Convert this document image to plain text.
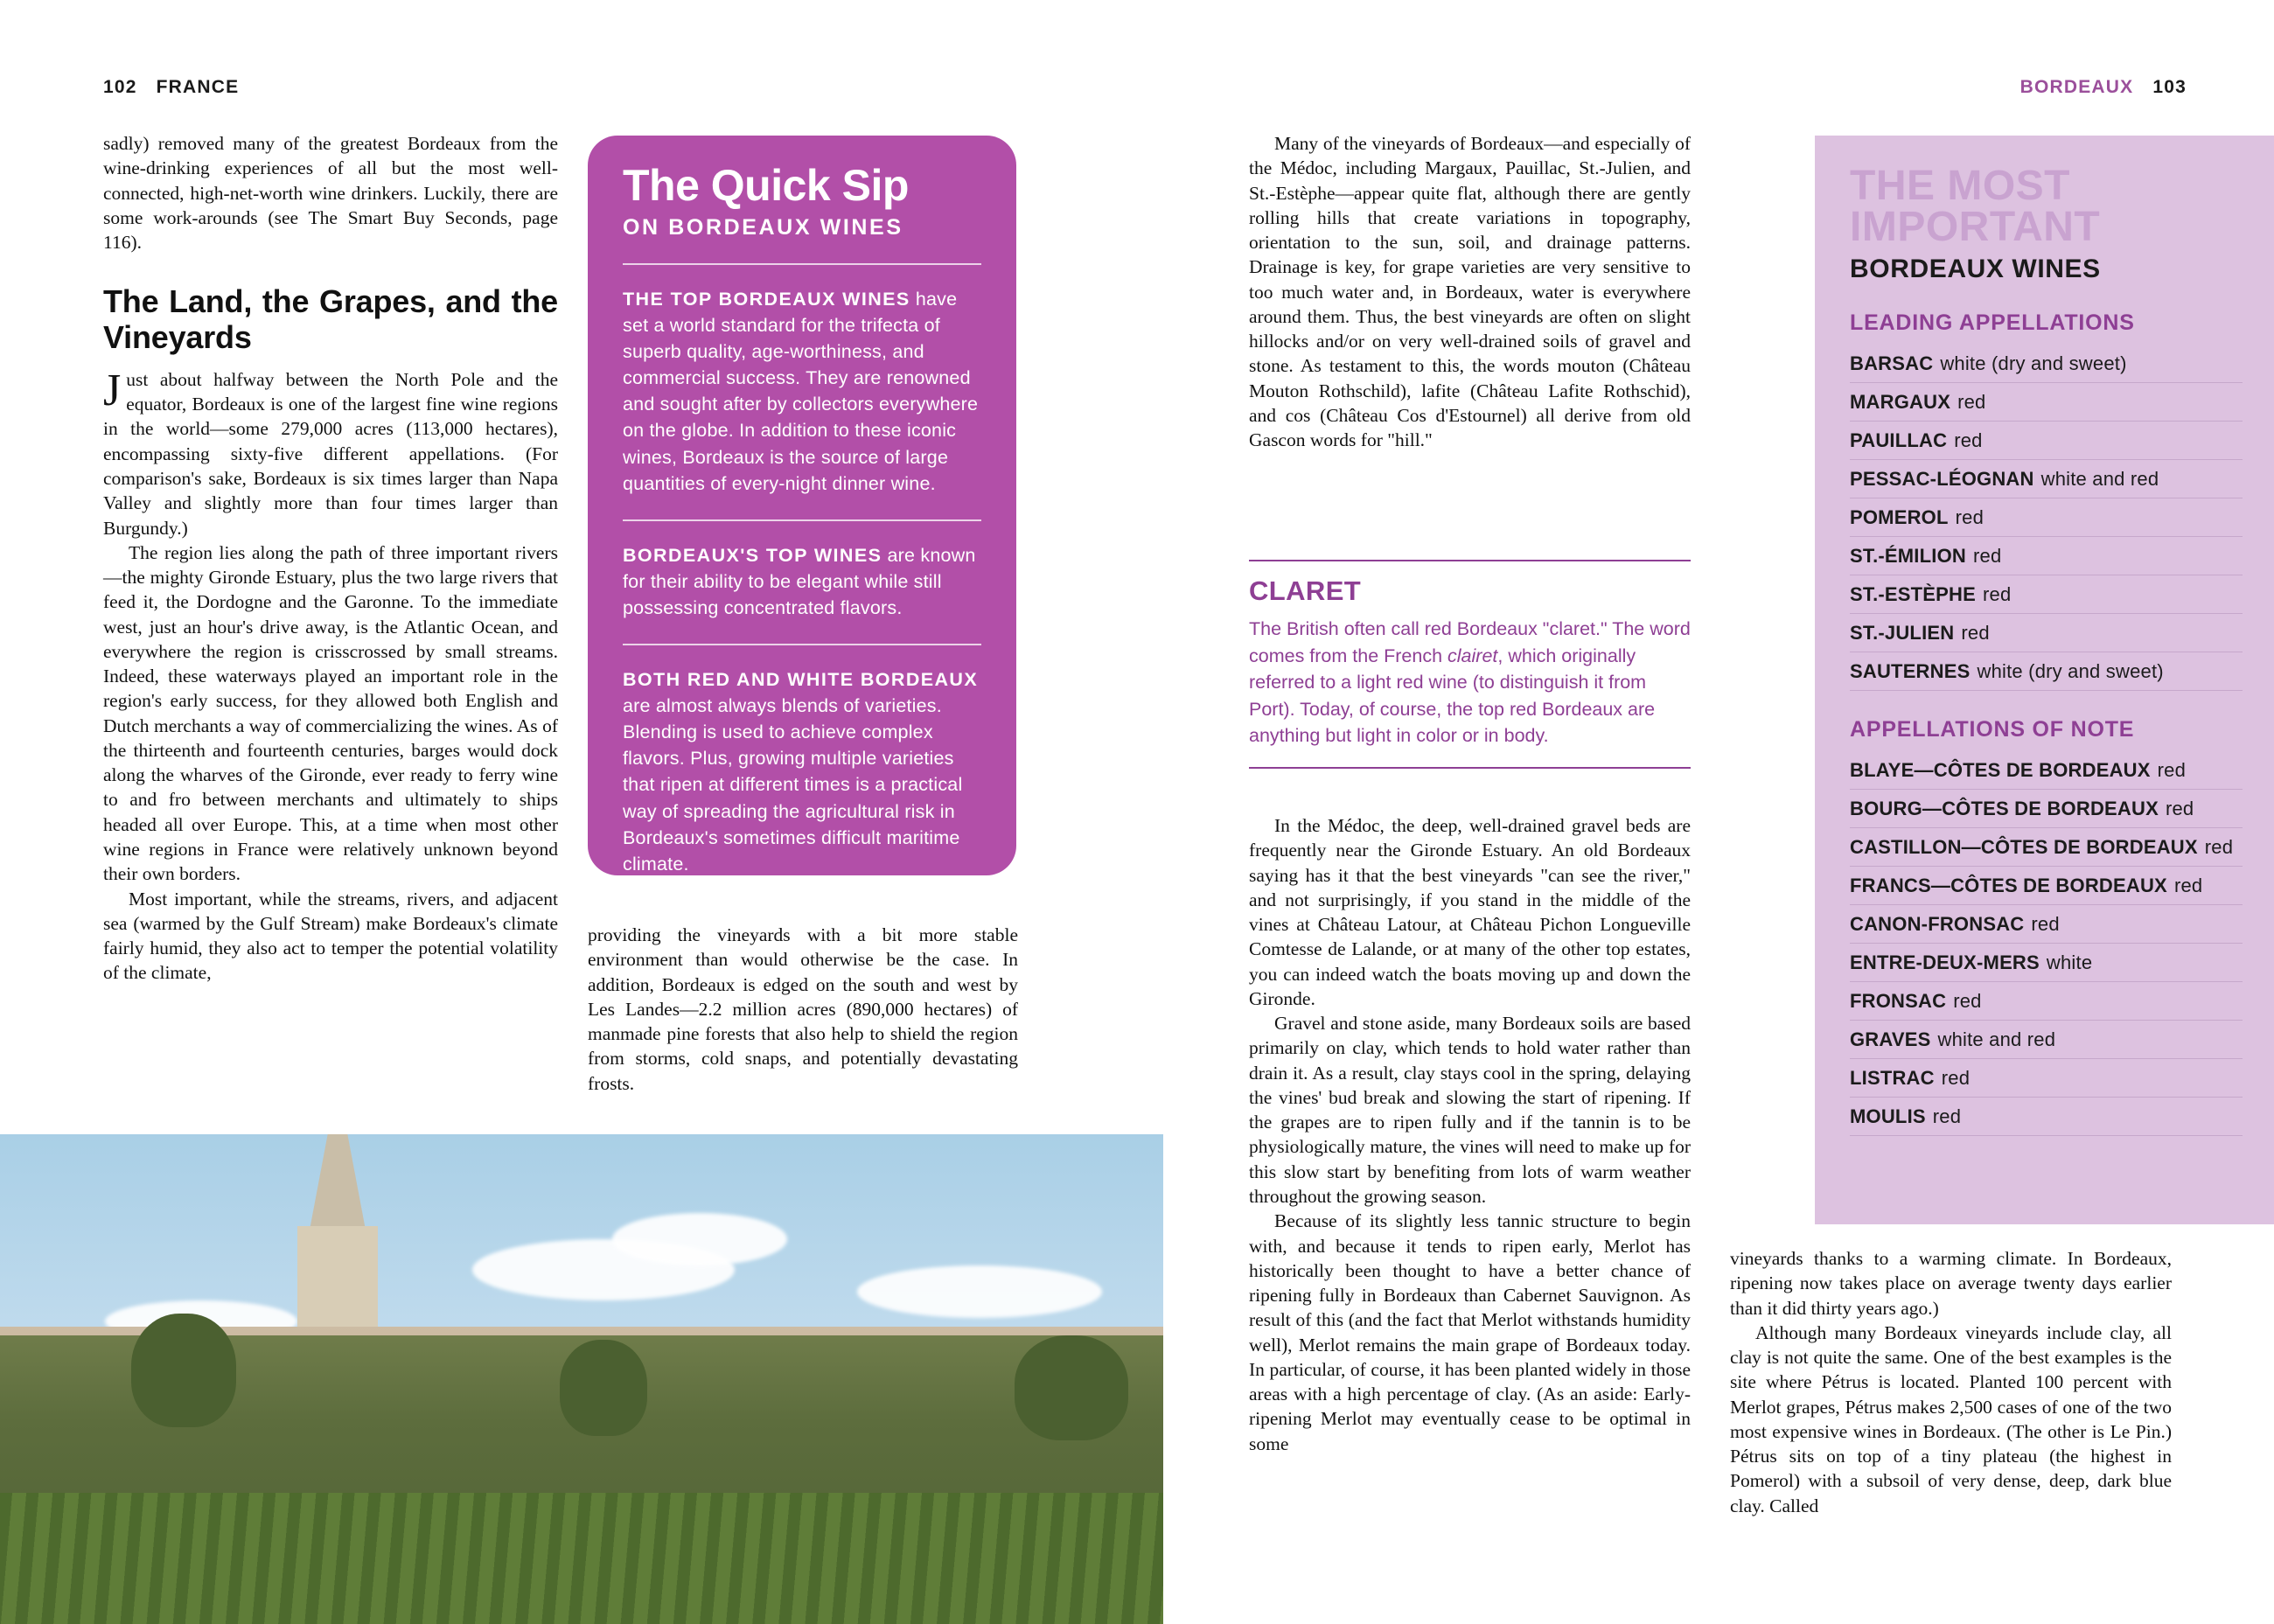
102 FRANCE

sadly) removed many of the greatest Bordeaux from the wine-drinking experiences of all but the most well-connected, high-net-worth wine drinkers. Luckily, there are some work-arounds (see The Smart Buy Seconds, page 116).

The Land, the Grapes, and the Vineyards

Just about halfway between the North Pole and the equator, Bordeaux is one of the largest fine wine regions in the world—some 279,000 acres (113,000 hectares), encompassing sixty-five different appellations. (For comparison's sake, Bordeaux is six times larger than Napa Valley and slightly more than four times larger than Burgundy.)

The region lies along the path of three important rivers—the mighty Gironde Estuary, plus the two large rivers that feed it, the Dordogne and the Garonne. To the immediate west, just an hour's drive away, is the Atlantic Ocean, and everywhere the region is crisscrossed by small streams. Indeed, these waterways played an important role in the region's early success, for they allowed both English and Dutch merchants a way of commercializing the wines. As of the thirteenth and fourteenth centuries, barges would dock along the wharves of the Gironde, ever ready to ferry wine to and fro between merchants and ultimately to ships headed all over Europe. This, at a time when most other wine regions in France were relatively unknown beyond their own borders.

Most important, while the streams, rivers, and adjacent sea (warmed by the Gulf Stream) make Bordeaux's climate fairly humid, they also act to temper the potential volatility of the climate,

providing the vineyards with a bit more stable environment than would otherwise be the case. In addition, Bordeaux is edged on the south and west by Les Landes—2.2 million acres (890,000 hectares) of manmade pine forests that also help to shield the region from storms, cold snaps, and potentially devastating frosts.

The Quick Sip
ON BORDEAUX WINES
THE TOP BORDEAUX WINES have set a world standard for the trifecta of superb quality, age-worthiness, and commercial success. They are renowned and sought after by collectors everywhere on the globe. In addition to these iconic wines, Bordeaux is the source of large quantities of every-night dinner wine.
BORDEAUX'S TOP WINES are known for their ability to be elegant while still possessing concentrated flavors.
BOTH RED AND WHITE BORDEAUX are almost always blends of varieties. Blending is used to achieve complex flavors. Plus, growing multiple varieties that ripen at different times is a practical way of spreading the agricultural risk in Bordeaux's sometimes difficult maritime climate.
BORDEAUX 103

Many of the vineyards of Bordeaux—and especially of the Médoc, including Margaux, Pauillac, St.-Julien, and St.-Estèphe—appear quite flat, although there are gently rolling hills that create variations in topography, orientation to the sun, soil, and drainage patterns. Drainage is key, for grape varieties are very sensitive to too much water and, in Bordeaux, water is everywhere around them. Thus, the best vineyards are often on slight hillocks and/or on very well-drained soils of gravel and stone. As testament to this, the words mouton (Château Mouton Rothschild), lafite (Château Lafite Rothschid), and cos (Château Cos d'Estournel) all derive from old Gascon words for "hill."

In the Médoc, the deep, well-drained gravel beds are frequently near the Gironde Estuary. An old Bordeaux saying has it that the best vineyards "can see the river," and not surprisingly, if you stand in the middle of the vines at Château Latour, at Château Pichon Longueville Comtesse de Lalande, or at many of the other top estates, you can indeed watch the boats moving up and down the Gironde.

Gravel and stone aside, many Bordeaux soils are based primarily on clay, which tends to hold water rather than drain it. As a result, clay stays cool in the spring, delaying the vines' bud break and slowing the start of ripening. If the grapes are to ripen fully and if the tannin is to be physiologically mature, the vines will need to make up for this slow start by benefiting from lots of warm weather throughout the growing season.

Because of its slightly less tannic structure to begin with, and because it tends to ripen early, Merlot has historically been thought to have a better chance of ripening fully in Bordeaux than Cabernet Sauvignon. As result of this (and the fact that Merlot withstands humidity well), Merlot remains the main grape of Bordeaux today. In particular, of course, it has been planted widely in those areas with a high percentage of clay. (As an aside: Early-ripening Merlot may eventually cease to be optimal in some

CLARET

The British often call red Bordeaux "claret." The word comes from the French clairet, which originally referred to a light red wine (to distinguish it from Port). Today, of course, the top red Bordeaux are anything but light in color or in body.

vineyards thanks to a warming climate. In Bordeaux, ripening now takes place on average twenty days earlier than it did thirty years ago.)

Although many Bordeaux vineyards include clay, all clay is not quite the same. One of the best examples is the site where Pétrus is located. Planted 100 percent with Merlot grapes, Pétrus makes 2,500 cases of one of the two most expensive wines in Bordeaux. (The other is Le Pin.) Pétrus sits on top of a tiny plateau (the highest in Pomerol) with a subsoil of very dense, deep, dark blue clay. Called

THE MOST
IMPORTANT
BORDEAUX WINES
LEADING APPELLATIONS
BARSAC white (dry and sweet)
MARGAUX red
PAUILLAC red
PESSAC-LÉOGNAN white and red
POMEROL red
ST.-ÉMILION red
ST.-ESTÈPHE red
ST.-JULIEN red
SAUTERNES white (dry and sweet)
APPELLATIONS OF NOTE
BLAYE—CÔTES DE BORDEAUX red
BOURG—CÔTES DE BORDEAUX red
CASTILLON—CÔTES DE BORDEAUX red
FRANCS—CÔTES DE BORDEAUX red
CANON-FRONSAC red
ENTRE-DEUX-MERS white
FRONSAC red
GRAVES white and red
LISTRAC red
MOULIS red
